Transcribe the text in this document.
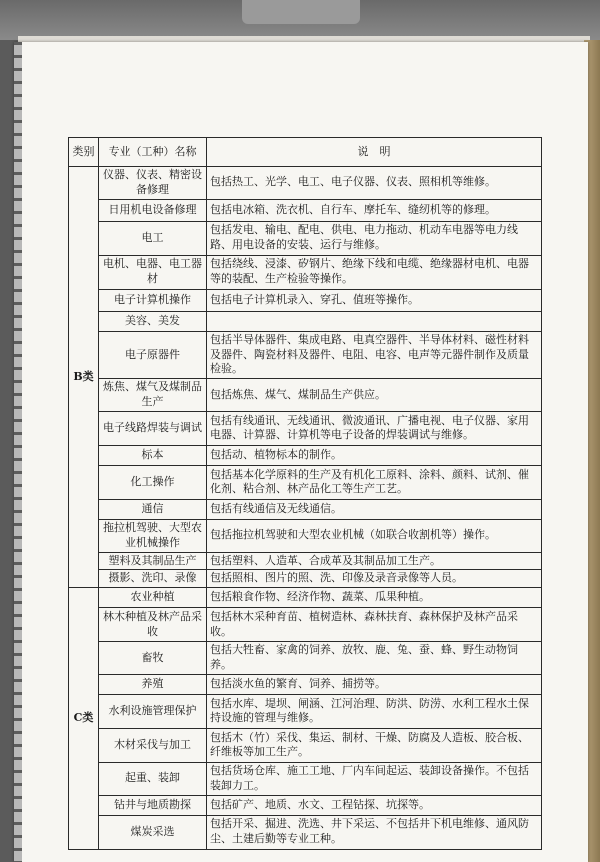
类别	专业（工种）名称	说　明
B类	仪器、仪表、精密设备修理	包括热工、光学、电工、电子仪器、仪表、照相机等维修。
	日用机电设备修理	包括电冰箱、洗衣机、自行车、摩托车、缝纫机等的修理。
	电工	包括发电、输电、配电、供电、电力拖动、机动车电器等电力线路、用电设备的安装、运行与维修。
	电机、电器、电工器材	包括绕线、浸漆、矽钢片、绝缘下线和电缆、绝缘器材电机、电器等的装配、生产检验等操作。
	电子计算机操作	包括电子计算机录入、穿孔、值班等操作。
	美容、美发	
	电子原器件	包括半导体器件、集成电路、电真空器件、半导体材料、磁性材料及器件、陶瓷材料及器件、电阻、电容、电声等元器件制作及质量检验。
	炼焦、煤气及煤制品生产	包括炼焦、煤气、煤制品生产供应。
	电子线路焊装与调试	包括有线通讯、无线通讯、微波通讯、广播电视、电子仪器、家用电器、计算器、计算机等电子设备的焊装调试与维修。
	标本	包括动、植物标本的制作。
	化工操作	包括基本化学原料的生产及有机化工原料、涂料、颜料、试剂、催化剂、粘合剂、林产品化工等生产工艺。
	通信	包括有线通信及无线通信。
	拖拉机驾驶、大型农业机械操作	包括拖拉机驾驶和大型农业机械（如联合收割机等）操作。
	塑料及其制品生产	包括塑料、人造革、合成革及其制品加工生产。
	摄影、洗印、录像	包括照相、图片的照、洗、印像及录音录像等人员。
C类	农业种植	包括粮食作物、经济作物、蔬菜、瓜果种植。
	林木种植及林产品采收	包括林木采种育苗、植树造林、森林扶育、森林保护及林产品采收。
	畜牧	包括大牲畜、家禽的饲养、放牧、鹿、兔、蚕、蜂、野生动物饲养。
	养殖	包括淡水鱼的繁育、饲养、捕捞等。
	水利设施管理保护	包括水库、堤坝、闸涵、江河治理、防洪、防涝、水利工程水土保持设施的管理与维修。
	木材采伐与加工	包括木（竹）采伐、集运、制材、干燥、防腐及人造板、胶合板、纤维板等加工生产。
	起重、装卸	包括货场仓库、施工工地、厂内车间起运、装卸设备操作。不包括装卸力工。
	钻井与地质勘探	包括矿产、地质、水文、工程钻探、坑探等。
	煤炭采选	包括开采、掘进、洗选、井下采运、不包括井下机电维修、通风防尘、土建后勤等专业工种。
